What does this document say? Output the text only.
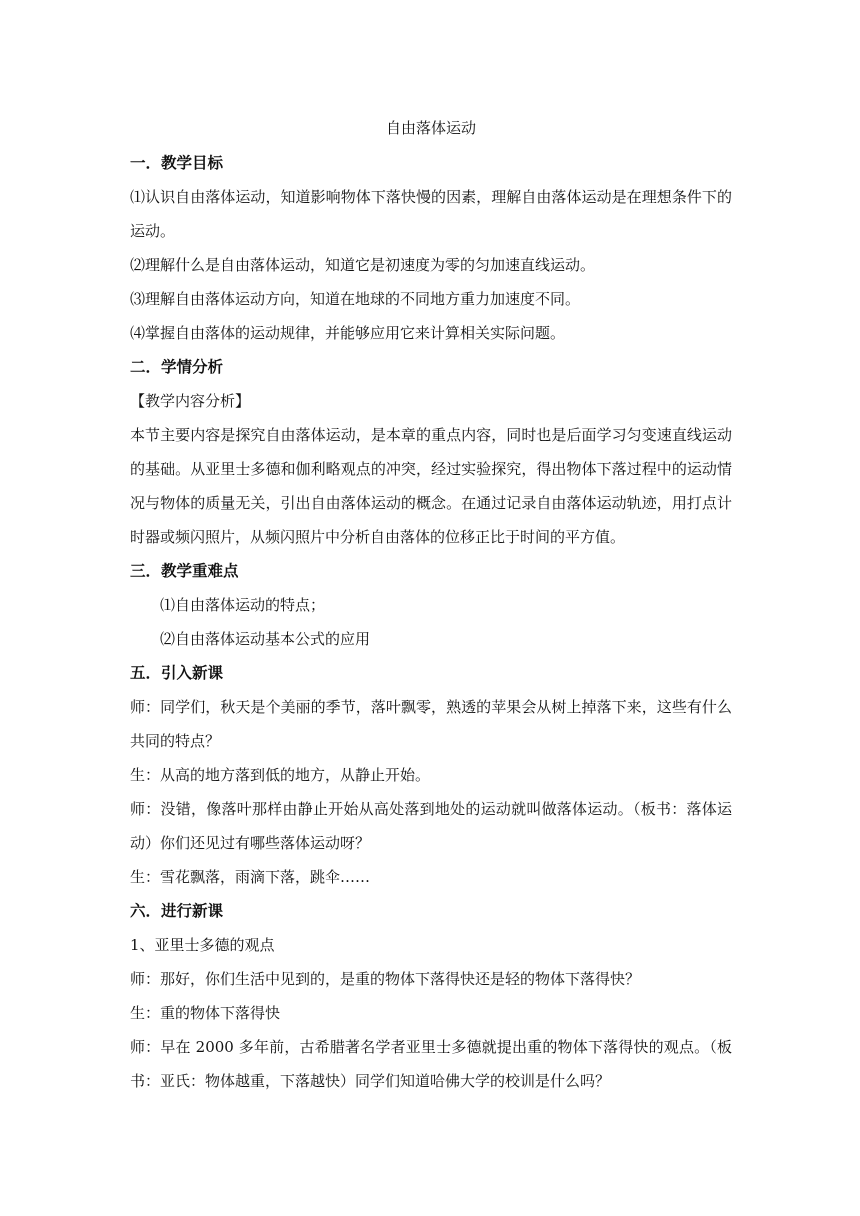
自由落体运动
一．教学目标

⑴认识自由落体运动，知道影响物体下落快慢的因素，理解自由落体运动是在理想条件下的运动。

⑵理解什么是自由落体运动，知道它是初速度为零的匀加速直线运动。

⑶理解自由落体运动方向，知道在地球的不同地方重力加速度不同。

⑷掌握自由落体的运动规律，并能够应用它来计算相关实际问题。

二．学情分析

【教学内容分析】

本节主要内容是探究自由落体运动，是本章的重点内容，同时也是后面学习匀变速直线运动的基础。从亚里士多德和伽利略观点的冲突，经过实验探究，得出物体下落过程中的运动情况与物体的质量无关，引出自由落体运动的概念。在通过记录自由落体运动轨迹，用打点计时器或频闪照片，从频闪照片中分析自由落体的位移正比于时间的平方值。

三．教学重难点

⑴自由落体运动的特点；

⑵自由落体运动基本公式的应用

五．引入新课

师：同学们，秋天是个美丽的季节，落叶飘零，熟透的苹果会从树上掉落下来，这些有什么共同的特点？

生：从高的地方落到低的地方，从静止开始。

师：没错，像落叶那样由静止开始从高处落到地处的运动就叫做落体运动。（板书：落体运动）你们还见过有哪些落体运动呀？

生：雪花飘落，雨滴下落，跳伞……

六．进行新课

1、亚里士多德的观点

师：那好，你们生活中见到的，是重的物体下落得快还是轻的物体下落得快？

生：重的物体下落得快

师：早在 2000 多年前，古希腊著名学者亚里士多德就提出重的物体下落得快的观点。（板书：亚氏：物体越重，下落越快）同学们知道哈佛大学的校训是什么吗？
